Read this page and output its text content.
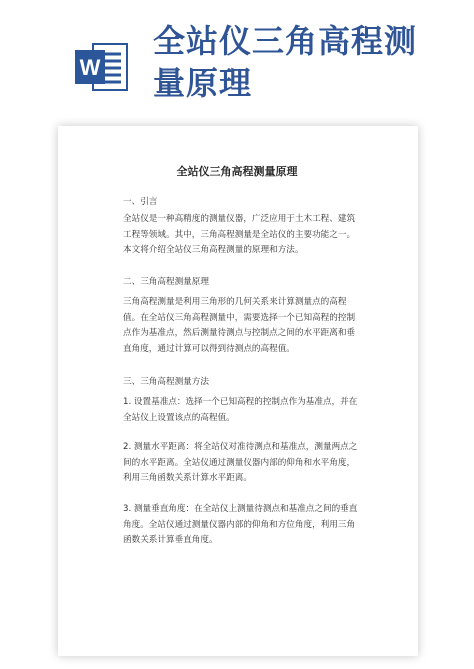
W
全站仪三角高程测量原理
全站仪三角高程测量原理
一、引言
全站仪是一种高精度的测量仪器，广泛应用于土木工程、建筑工程等领域。其中，三角高程测量是全站仪的主要功能之一。本文将介绍全站仪三角高程测量的原理和方法。
二、三角高程测量原理
三角高程测量是利用三角形的几何关系来计算测量点的高程值。在全站仪三角高程测量中，需要选择一个已知高程的控制点作为基准点，然后测量待测点与控制点之间的水平距离和垂直角度，通过计算可以得到待测点的高程值。
三、三角高程测量方法
1. 设置基准点：选择一个已知高程的控制点作为基准点，并在全站仪上设置该点的高程值。
2. 测量水平距离：将全站仪对准待测点和基准点，测量两点之间的水平距离。全站仪通过测量仪器内部的仰角和水平角度，利用三角函数关系计算水平距离。
3. 测量垂直角度：在全站仪上测量待测点和基准点之间的垂直角度。全站仪通过测量仪器内部的仰角和方位角度，利用三角函数关系计算垂直角度。
